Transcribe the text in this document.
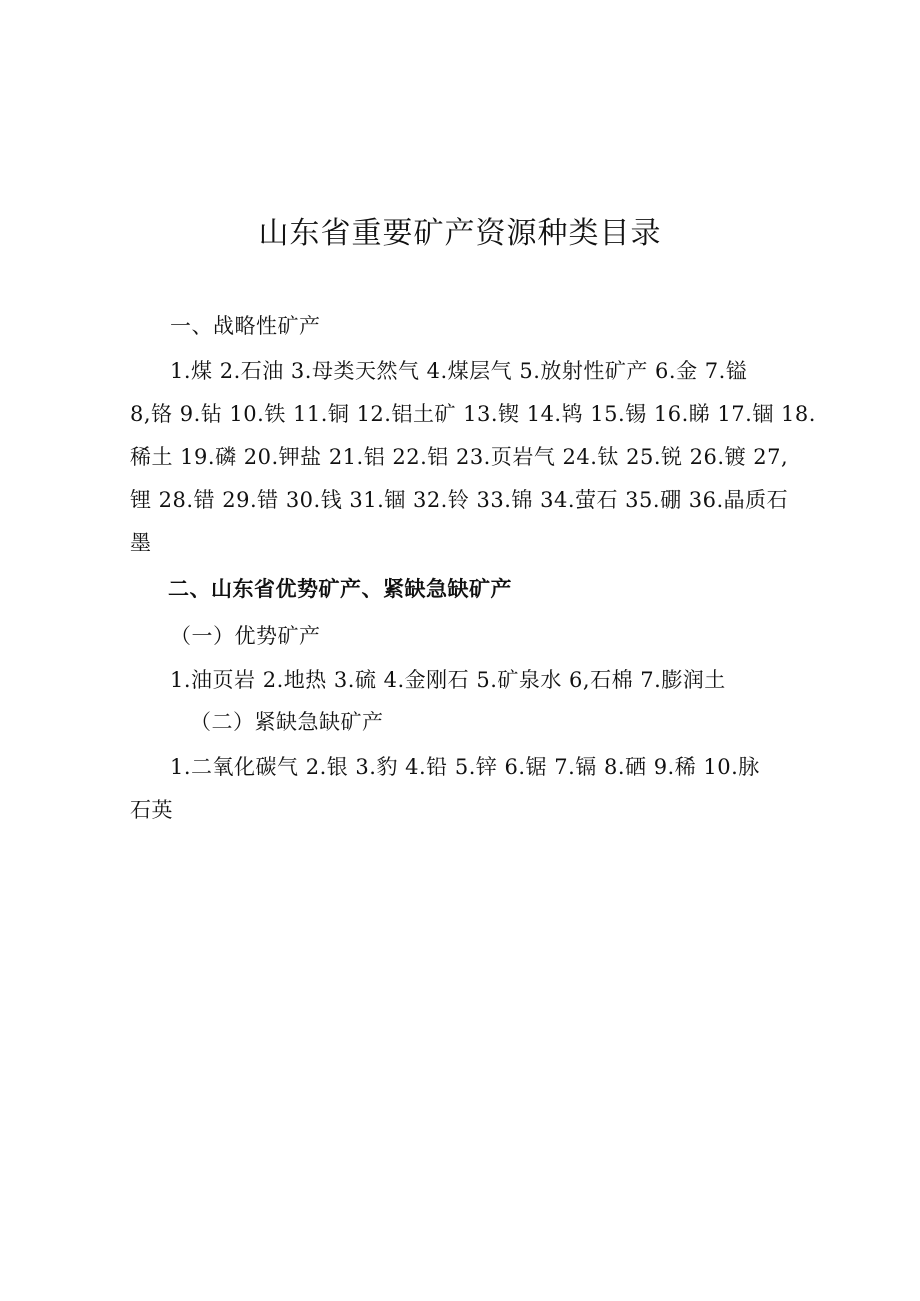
山东省重要矿产资源种类目录

一、战略性矿产

1.煤 2.石油 3.母类天然气 4.煤层气 5.放射性矿产 6.金 7.镒

8,铬 9.钻 10.铁 11.铜 12.铝土矿 13.锲 14.鸨 15.锡 16.睇 17.锢 18.

稀土 19.磷 20.钾盐 21.铝 22.铝 23.页岩气 24.钛 25.锐 26.镀 27,

锂 28.错 29.错 30.钱 31.锢 32.铃 33.锦 34.萤石 35.硼 36.晶质石

墨

二、山东省优势矿产、紧缺急缺矿产

（一）优势矿产

1.油页岩 2.地热 3.硫 4.金刚石 5.矿泉水 6,石棉 7.膨润土

（二）紧缺急缺矿产

1.二氧化碳气 2.银 3.豹 4.铅 5.锌 6.锯 7.镉 8.硒 9.稀 10.脉

石英
